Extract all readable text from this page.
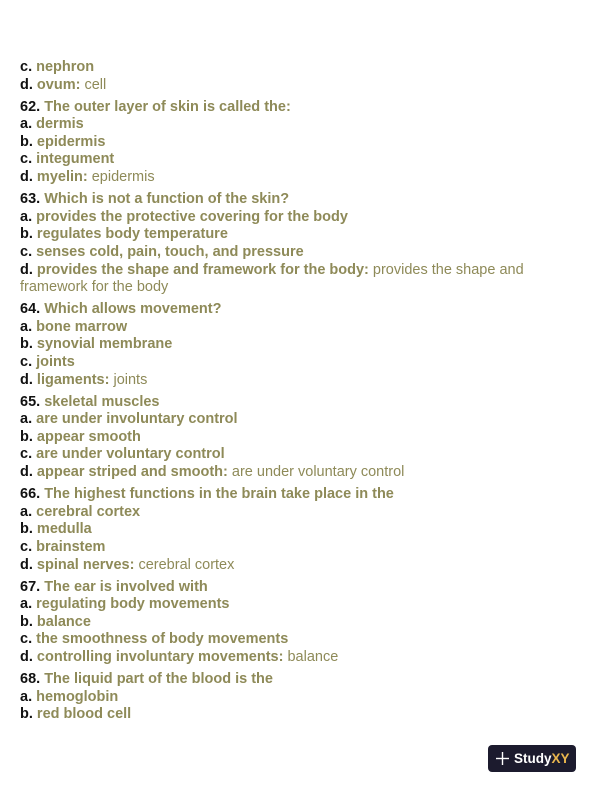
c. nephron
d. ovum: cell
62. The outer layer of skin is called the:
a. dermis
b. epidermis
c. integument
d. myelin: epidermis
63. Which is not a function of the skin?
a. provides the protective covering for the body
b. regulates body temperature
c. senses cold, pain, touch, and pressure
d. provides the shape and framework for the body: provides the shape and framework for the body
64. Which allows movement?
a. bone marrow
b. synovial membrane
c. joints
d. ligaments: joints
65. skeletal muscles
a. are under involuntary control
b. appear smooth
c. are under voluntary control
d. appear striped and smooth: are under voluntary control
66. The highest functions in the brain take place in the
a. cerebral cortex
b. medulla
c. brainstem
d. spinal nerves: cerebral cortex
67. The ear is involved with
a. regulating body movements
b. balance
c. the smoothness of body movements
d. controlling involuntary movements: balance
68. The liquid part of the blood is the
a. hemoglobin
b. red blood cell
StudyXY
